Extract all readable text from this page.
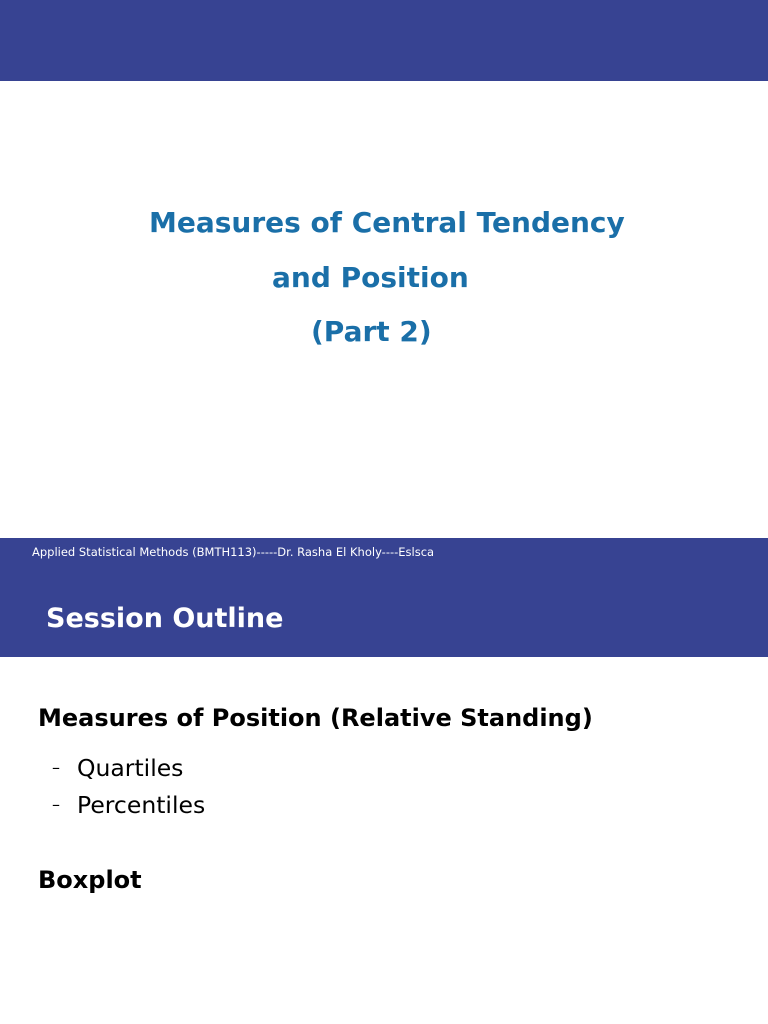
Measures of Central Tendency
and Position
(Part 2)
Applied Statistical Methods (BMTH113)-----Dr. Rasha El Kholy----Eslsca
Session Outline
Measures of Position (Relative Standing)
– Quartiles
– Percentiles
Boxplot
